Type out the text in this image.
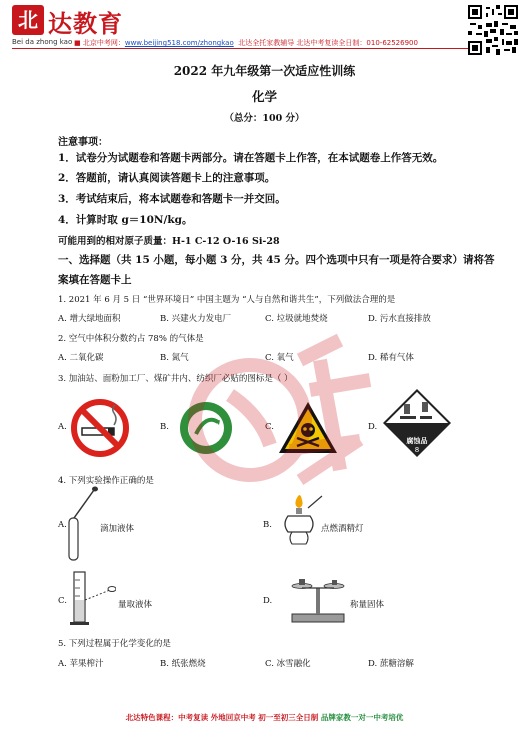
北 达教育
Bei da zhong kao ■ 北京中考网：www.beijing518.com/zhongkao 北达全托家教辅导 北达中考复读全日制：010-62526900
2022 年九年级第一次适应性训练
化学
（总分：100 分）
注意事项：
1．试卷分为试题卷和答题卡两部分。请在答题卡上作答，在本试题卷上作答无效。
2．答题前，请认真阅读答题卡上的注意事项。
3．考试结束后，将本试题卷和答题卡一并交回。
4．计算时取 g＝10N/kg。
可能用到的相对原子质量：H-1 C-12 O-16 Si-28
一、选择题（共 15 小题，每小题 3 分，共 45 分。四个选项中只有一项是符合要求）请将答
案填在答题卡上
1. 2021 年 6 月 5 日 “世界环境日” 中国主题为 “人与自然和谐共生”，下列做法合理的是
A. 增大绿地面积	B. 兴建火力发电厂	C. 垃圾就地焚烧	D. 污水直接排放
2. 空气中体积分数约占 78% 的气体是
A. 二氧化碳	B. 氮气	C. 氧气	D. 稀有气体
3. 加油站、面粉加工厂、煤矿井内、纺织厂必贴的图标是（ ）
A.	B.	C.	D.
腐蚀品
8
4. 下列实验操作正确的是
A.	滴加液体	B.	点燃酒精灯
C.	量取液体	D.	称量固体
5. 下列过程属于化学变化的是
A. 苹果榨汁	B. 纸张燃烧	C. 冰雪融化	D. 蔗糖溶解
北达特色课程：中考复读 外地回京中考 初一至初三全日制 品牌家教一对一中考培优
